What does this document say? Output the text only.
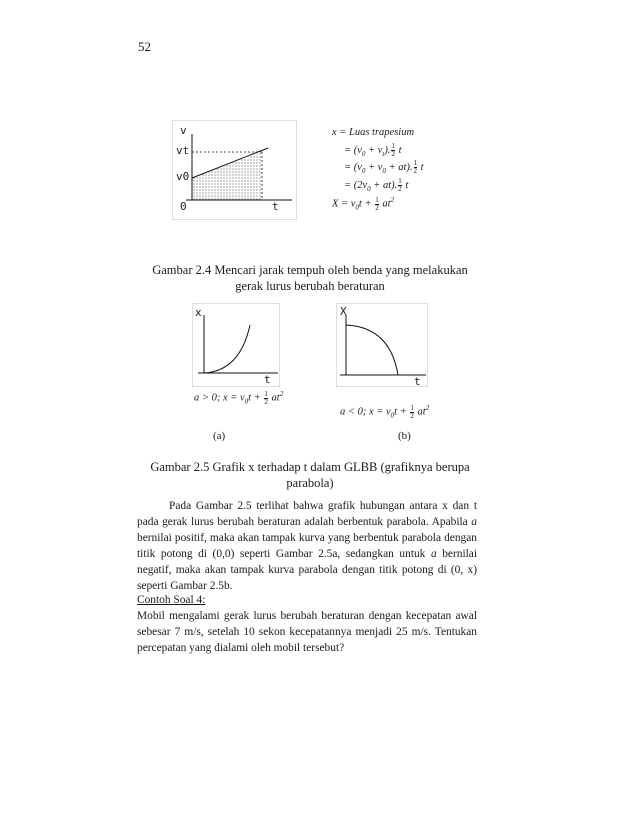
52
v
vt
v0
0	t
x = Luas trapesium
= $(v_0 + v_t)$. $\frac{1}{2}$ t
= $(v_0 + v_0 + at)$. $\frac{1}{2}$ t
= $(2v_0 + at)$. $\frac{1}{2}$ t
$X = v_0t + \frac{1}{2} at^2$
Gambar 2.4 Mencari jarak tempuh oleh benda yang melakukan
gerak lurus berubah beraturan
x
t
a > 0; $x = v_0t + \frac{1}{2} at^2$
(a)
X
t
a < 0; $x = v_0t + \frac{1}{2} at^2$
(b)
Gambar 2.5 Grafik x terhadap t dalam GLBB (grafiknya berupa
parabola)
Pada Gambar 2.5 terlihat bahwa grafik hubungan antara x dan t pada gerak lurus berubah beraturan adalah berbentuk parabola. Apabila a bernilai positif, maka akan tampak kurva yang berbentuk parabola dengan titik potong di (0,0) seperti Gambar 2.5a, sedangkan untuk a bernilai negatif, maka akan tampak kurva parabola dengan titik potong di (0, x) seperti Gambar 2.5b.
Contoh Soal 4:
Mobil mengalami gerak lurus berubah beraturan dengan kecepatan awal sebesar 7 m/s, setelah 10 sekon kecepatannya menjadi 25 m/s. Tentukan percepatan yang dialami oleh mobil tersebut?
